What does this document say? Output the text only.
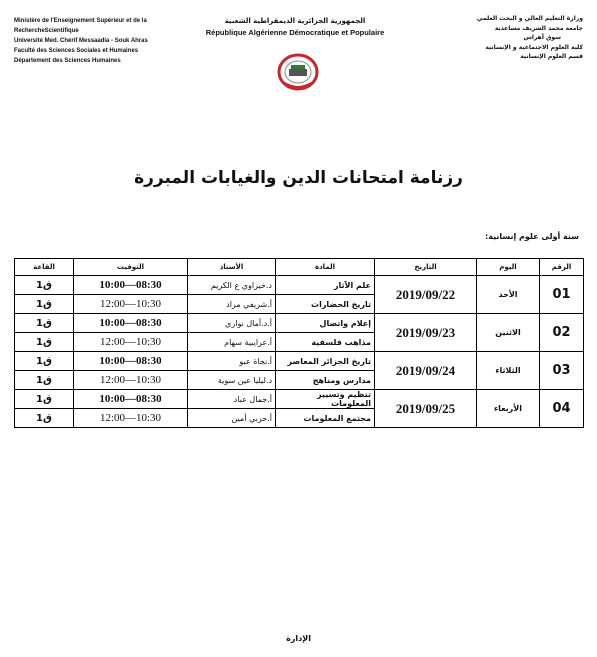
Ministère de l'Enseignement Supérieur et de la
RechercheScientifique
Université Med. Chérif Messaadia - Souk Ahras
Faculté des Sciences Sociales et Humaines
Département des Sciences Humaines
الجمهورية الجزائرية الديمقراطية الشعبية
République Algérienne Démocratique et Populaire
وزارة التعليم العالي و البحث العلمي
جامعة محمد الشريف مساعدية
سوق أهراس
كلية العلوم الاجتماعية و الإنسانية
قسم العلوم الإنسانية
رزنامة امتحانات الدين والغيابات المبررة
سنة أولى علوم إنسانية:
الرقم	اليوم	التاريخ	المادة	الأستاذ	التوقيت	القاعة
01	الأحد	2019/09/22	علم الآثار	د.خيزاوي ع الكريم	08:30—10:00	ق1
			تاريخ الحضارات	أ.شريفي مراد	10:30—12:00	ق1
02	الاثنين	2019/09/23	إعلام واتصال	أ.د.أمال نواري	08:30—10:00	ق1
			مذاهب فلسفية	أ.عرايبية سهام	10:30—12:00	ق1
03	الثلاثاء	2019/09/24	تاريخ الجزائر المعاصر	أ.نجاة عبو	08:30—10:00	ق1
			مدارس ومناهج	د.ليليا عين سوية	10:30—12:00	ق1
04	الأربعاء	2019/09/25	تنظيم وتسيير المعلومات	أ.جمال عباد	08:30—10:00	ق1
			مجتمع المعلومات	أ.حربي أمين	10:30—12:00	ق1
الإدارة
